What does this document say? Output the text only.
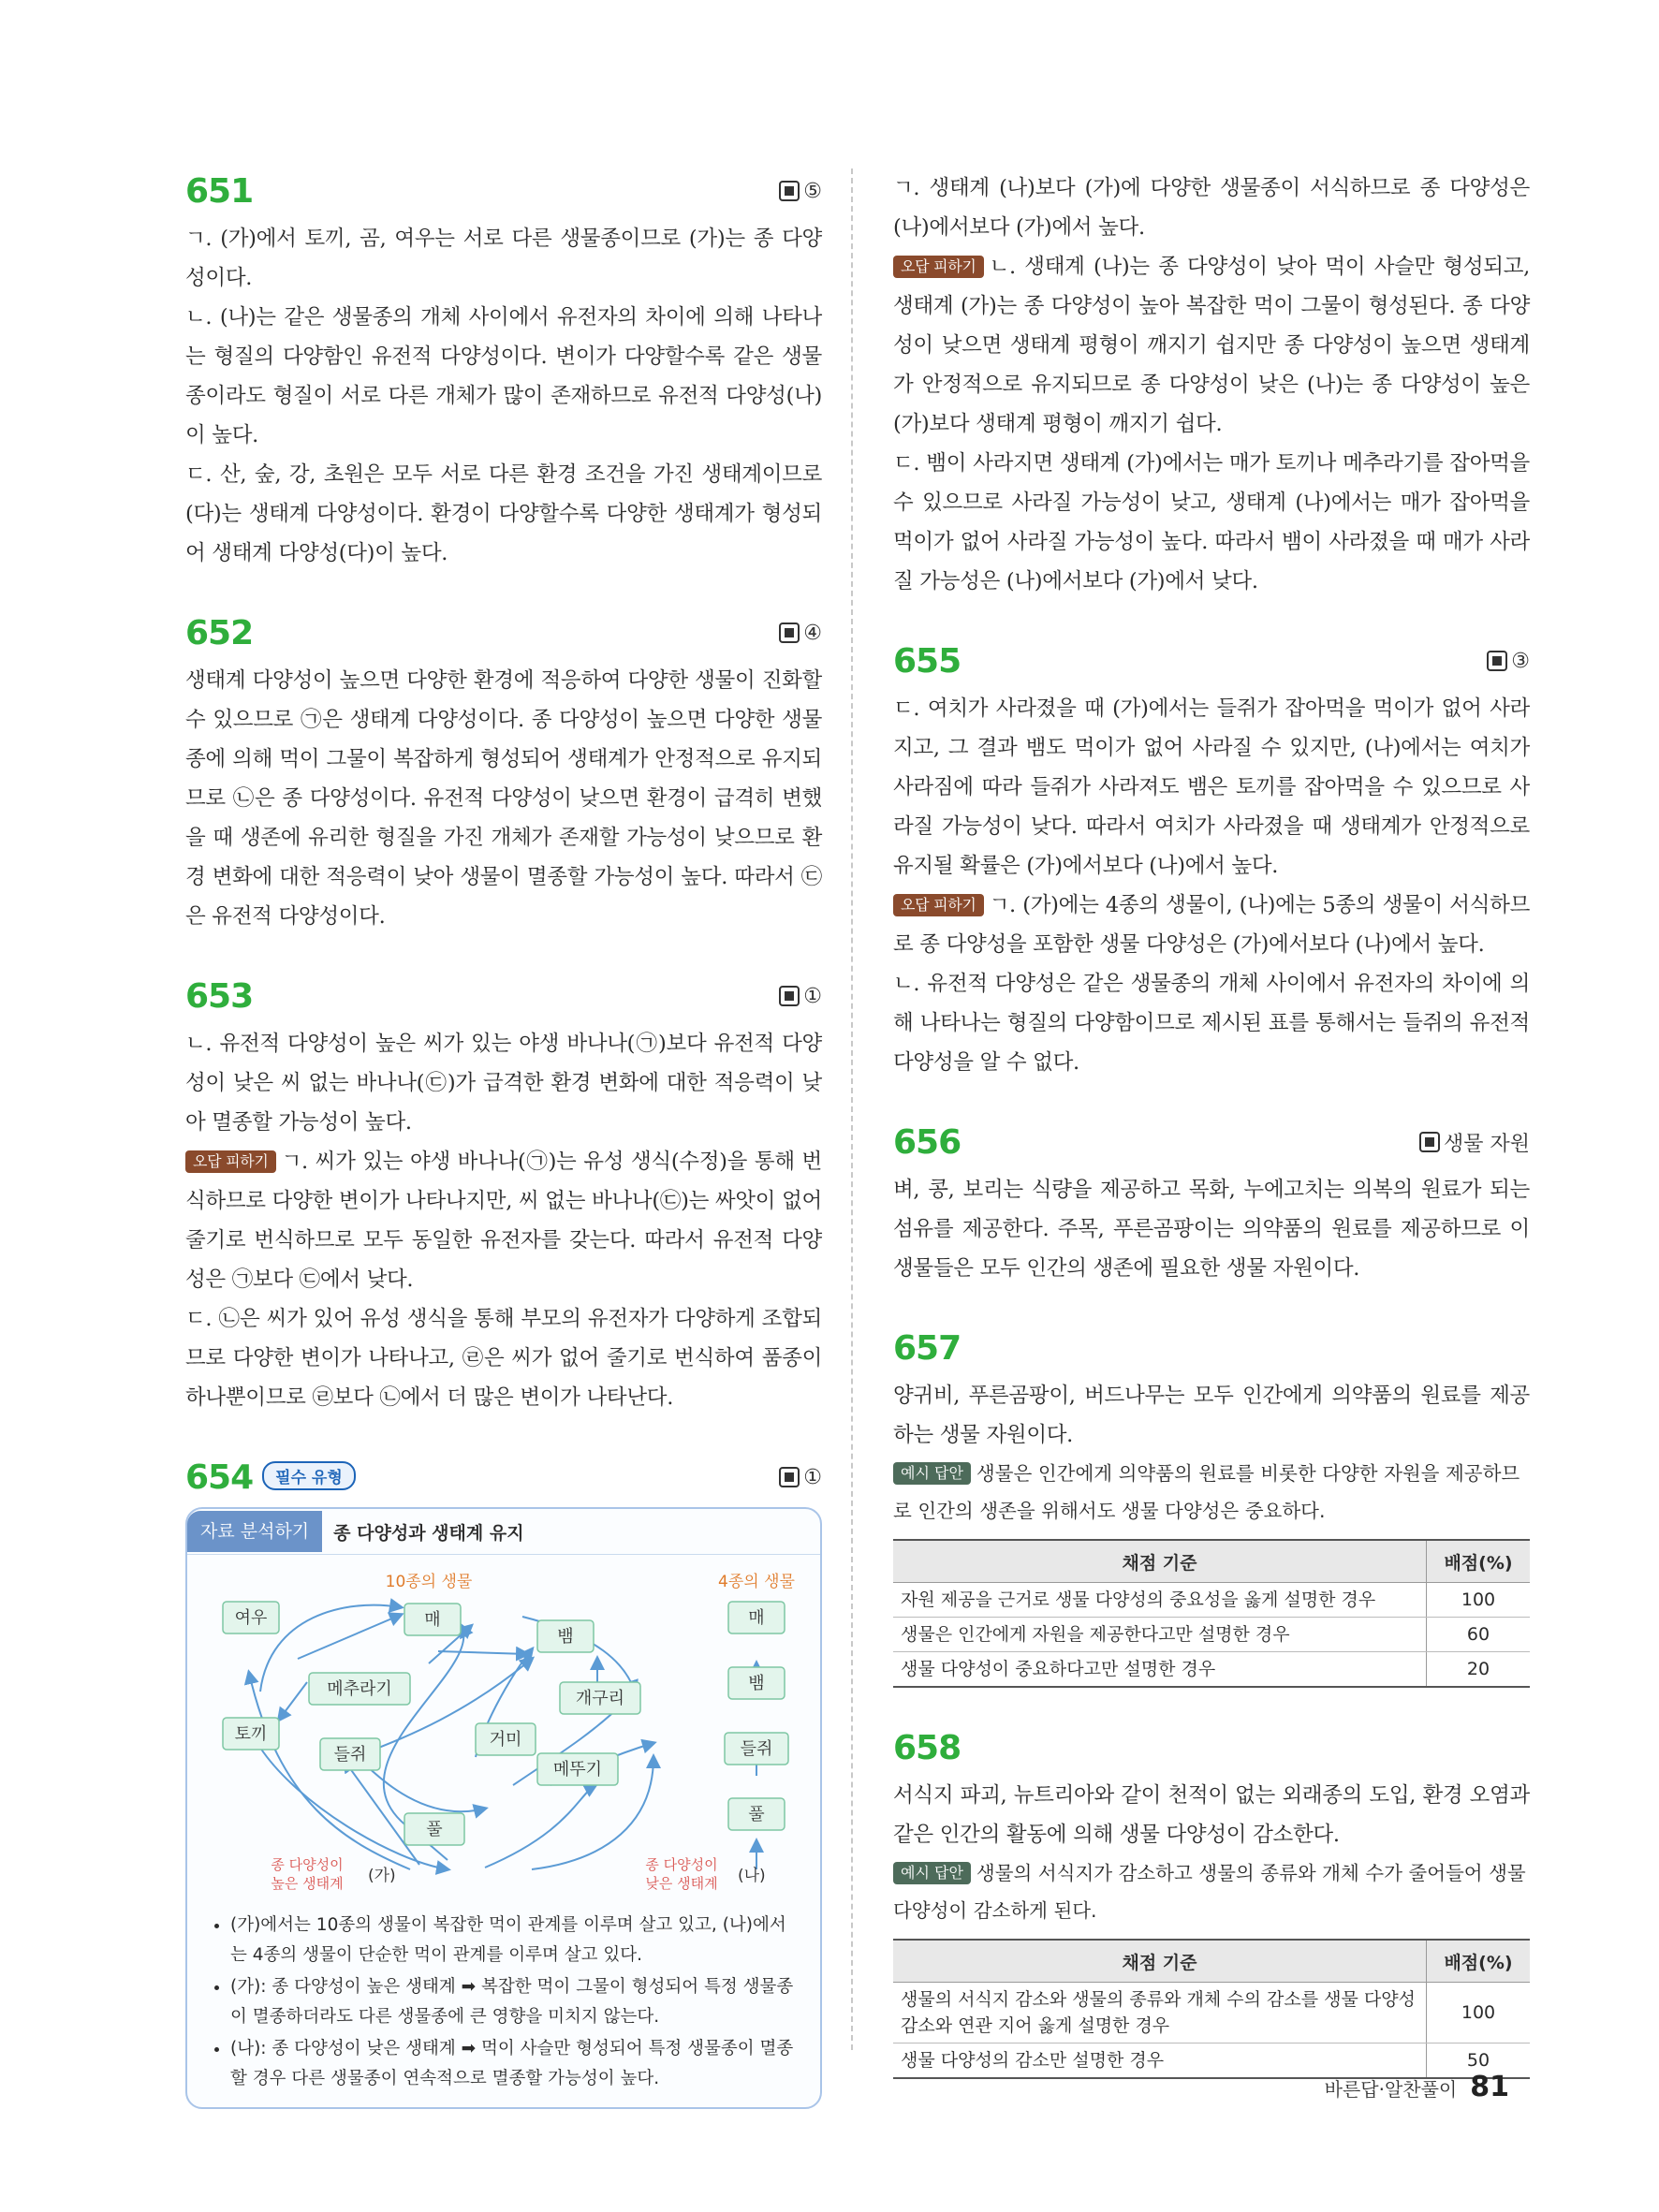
651	⑤

ㄱ. (가)에서 토끼, 곰, 여우는 서로 다른 생물종이므로 (가)는 종 다양성이다.

ㄴ. (나)는 같은 생물종의 개체 사이에서 유전자의 차이에 의해 나타나는 형질의 다양함인 유전적 다양성이다. 변이가 다양할수록 같은 생물종이라도 형질이 서로 다른 개체가 많이 존재하므로 유전적 다양성(나)이 높다.

ㄷ. 산, 숲, 강, 초원은 모두 서로 다른 환경 조건을 가진 생태계이므로 (다)는 생태계 다양성이다. 환경이 다양할수록 다양한 생태계가 형성되어 생태계 다양성(다)이 높다.

652	④

생태계 다양성이 높으면 다양한 환경에 적응하여 다양한 생물이 진화할 수 있으므로 ㉠은 생태계 다양성이다. 종 다양성이 높으면 다양한 생물종에 의해 먹이 그물이 복잡하게 형성되어 생태계가 안정적으로 유지되므로 ㉡은 종 다양성이다. 유전적 다양성이 낮으면 환경이 급격히 변했을 때 생존에 유리한 형질을 가진 개체가 존재할 가능성이 낮으므로 환경 변화에 대한 적응력이 낮아 생물이 멸종할 가능성이 높다. 따라서 ㉢은 유전적 다양성이다.

653	①

ㄴ. 유전적 다양성이 높은 씨가 있는 야생 바나나(㉠)보다 유전적 다양성이 낮은 씨 없는 바나나(㉢)가 급격한 환경 변화에 대한 적응력이 낮아 멸종할 가능성이 높다.

오답 피하기 ㄱ. 씨가 있는 야생 바나나(㉠)는 유성 생식(수정)을 통해 번식하므로 다양한 변이가 나타나지만, 씨 없는 바나나(㉢)는 싸앗이 없어 줄기로 번식하므로 모두 동일한 유전자를 갖는다. 따라서 유전적 다양성은 ㉠보다 ㉢에서 낮다.

ㄷ. ㉡은 씨가 있어 유성 생식을 통해 부모의 유전자가 다양하게 조합되므로 다양한 변이가 나타나고, ㉣은 씨가 없어 줄기로 번식하여 품종이 하나뿐이므로 ㉣보다 ㉡에서 더 많은 변이가 나타난다.

654 필수 유형	①
자료 분석하기	종 다양성과 생태계 유지
10종의 생물	4종의 생물
여우	매
뱀
메추라기	개구리
토끼
들쥐
거미
메뚜기
풀
매
뱀
들쥐
풀
종 다양성이
높은 생태계 (가)
종 다양성이
낮은 생태계 (나)
• (가)에서는 10종의 생물이 복잡한 먹이 관계를 이루며 살고 있고, (나)에서는 4종의 생물이 단순한 먹이 관계를 이루며 살고 있다.
• (가): 종 다양성이 높은 생태계 ➡ 복잡한 먹이 그물이 형성되어 특정 생물종이 멸종하더라도 다른 생물종에 큰 영향을 미치지 않는다.
• (나): 종 다양성이 낮은 생태계 ➡ 먹이 사슬만 형성되어 특정 생물종이 멸종할 경우 다른 생물종이 연속적으로 멸종할 가능성이 높다.

ㄱ. 생태계 (나)보다 (가)에 다양한 생물종이 서식하므로 종 다양성은 (나)에서보다 (가)에서 높다.

오답 피하기 ㄴ. 생태계 (나)는 종 다양성이 낮아 먹이 사슬만 형성되고, 생태계 (가)는 종 다양성이 높아 복잡한 먹이 그물이 형성된다. 종 다양성이 낮으면 생태계 평형이 깨지기 쉽지만 종 다양성이 높으면 생태계가 안정적으로 유지되므로 종 다양성이 낮은 (나)는 종 다양성이 높은 (가)보다 생태계 평형이 깨지기 쉽다.

ㄷ. 뱀이 사라지면 생태계 (가)에서는 매가 토끼나 메추라기를 잡아먹을 수 있으므로 사라질 가능성이 낮고, 생태계 (나)에서는 매가 잡아먹을 먹이가 없어 사라질 가능성이 높다. 따라서 뱀이 사라졌을 때 매가 사라질 가능성은 (나)에서보다 (가)에서 낮다.

655	③

ㄷ. 여치가 사라졌을 때 (가)에서는 들쥐가 잡아먹을 먹이가 없어 사라지고, 그 결과 뱀도 먹이가 없어 사라질 수 있지만, (나)에서는 여치가 사라짐에 따라 들쥐가 사라져도 뱀은 토끼를 잡아먹을 수 있으므로 사라질 가능성이 낮다. 따라서 여치가 사라졌을 때 생태계가 안정적으로 유지될 확률은 (가)에서보다 (나)에서 높다.

오답 피하기 ㄱ. (가)에는 4종의 생물이, (나)에는 5종의 생물이 서식하므로 종 다양성을 포함한 생물 다양성은 (가)에서보다 (나)에서 높다.

ㄴ. 유전적 다양성은 같은 생물종의 개체 사이에서 유전자의 차이에 의해 나타나는 형질의 다양함이므로 제시된 표를 통해서는 들쥐의 유전적 다양성을 알 수 없다.

656	생물 자원

벼, 콩, 보리는 식량을 제공하고 목화, 누에고치는 의복의 원료가 되는 섬유를 제공한다. 주목, 푸른곰팡이는 의약품의 원료를 제공하므로 이 생물들은 모두 인간의 생존에 필요한 생물 자원이다.

657

양귀비, 푸른곰팡이, 버드나무는 모두 인간에게 의약품의 원료를 제공하는 생물 자원이다.

예시 답안 생물은 인간에게 의약품의 원료를 비롯한 다양한 자원을 제공하므로 인간의 생존을 위해서도 생물 다양성은 중요하다.
채점 기준	배점(%)
자원 제공을 근거로 생물 다양성의 중요성을 옳게 설명한 경우	100
생물은 인간에게 자원을 제공한다고만 설명한 경우	60
생물 다양성이 중요하다고만 설명한 경우	20
658

서식지 파괴, 뉴트리아와 같이 천적이 없는 외래종의 도입, 환경 오염과 같은 인간의 활동에 의해 생물 다양성이 감소한다.

예시 답안 생물의 서식지가 감소하고 생물의 종류와 개체 수가 줄어들어 생물 다양성이 감소하게 된다.
채점 기준	배점(%)
생물의 서식지 감소와 생물의 종류와 개체 수의 감소를 생물 다양성 감소와 연관 지어 옳게 설명한 경우	100
생물 다양성의 감소만 설명한 경우	50
바른답·알찬풀이 81
